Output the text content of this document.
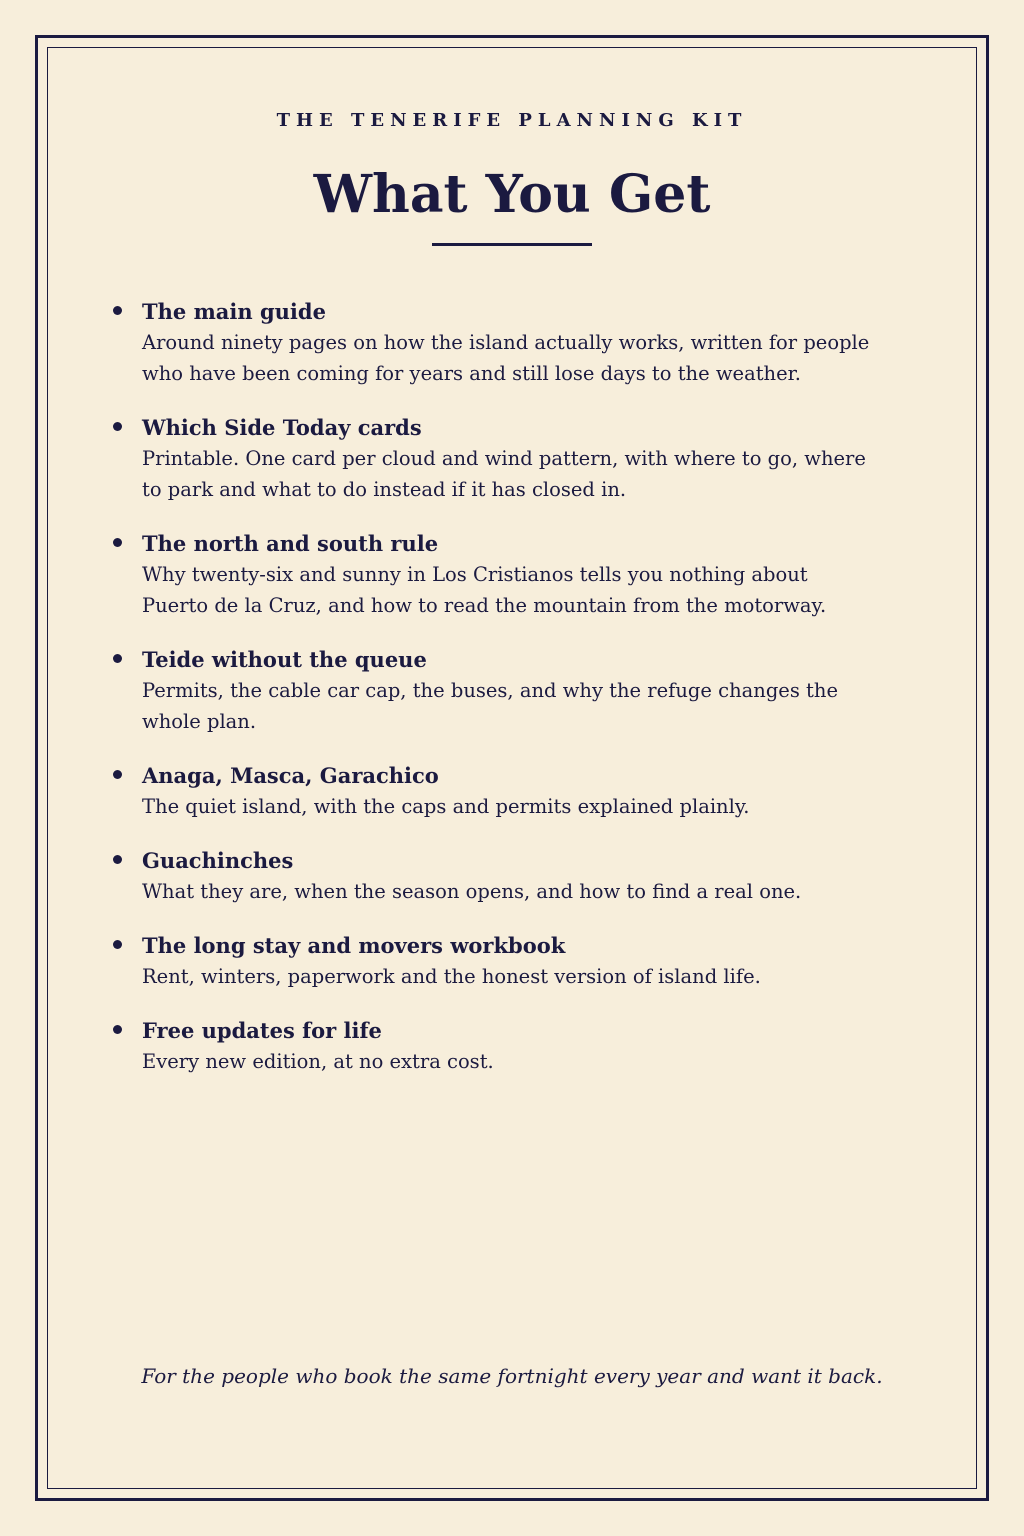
THE TENERIFE PLANNING KIT

What You Get
The main guide
Around ninety pages on how the island actually works, written for people who have been coming for years and still lose days to the weather.
Which Side Today cards
Printable. One card per cloud and wind pattern, with where to go, where to park and what to do instead if it has closed in.
The north and south rule
Why twenty-six and sunny in Los Cristianos tells you nothing about Puerto de la Cruz, and how to read the mountain from the motorway.
Teide without the queue
Permits, the cable car cap, the buses, and why the refuge changes the whole plan.
Anaga, Masca, Garachico
The quiet island, with the caps and permits explained plainly.
Guachinches
What they are, when the season opens, and how to find a real one.
The long stay and movers workbook
Rent, winters, paperwork and the honest version of island life.
Free updates for life
Every new edition, at no extra cost.

For the people who book the same fortnight every year and want it back.
